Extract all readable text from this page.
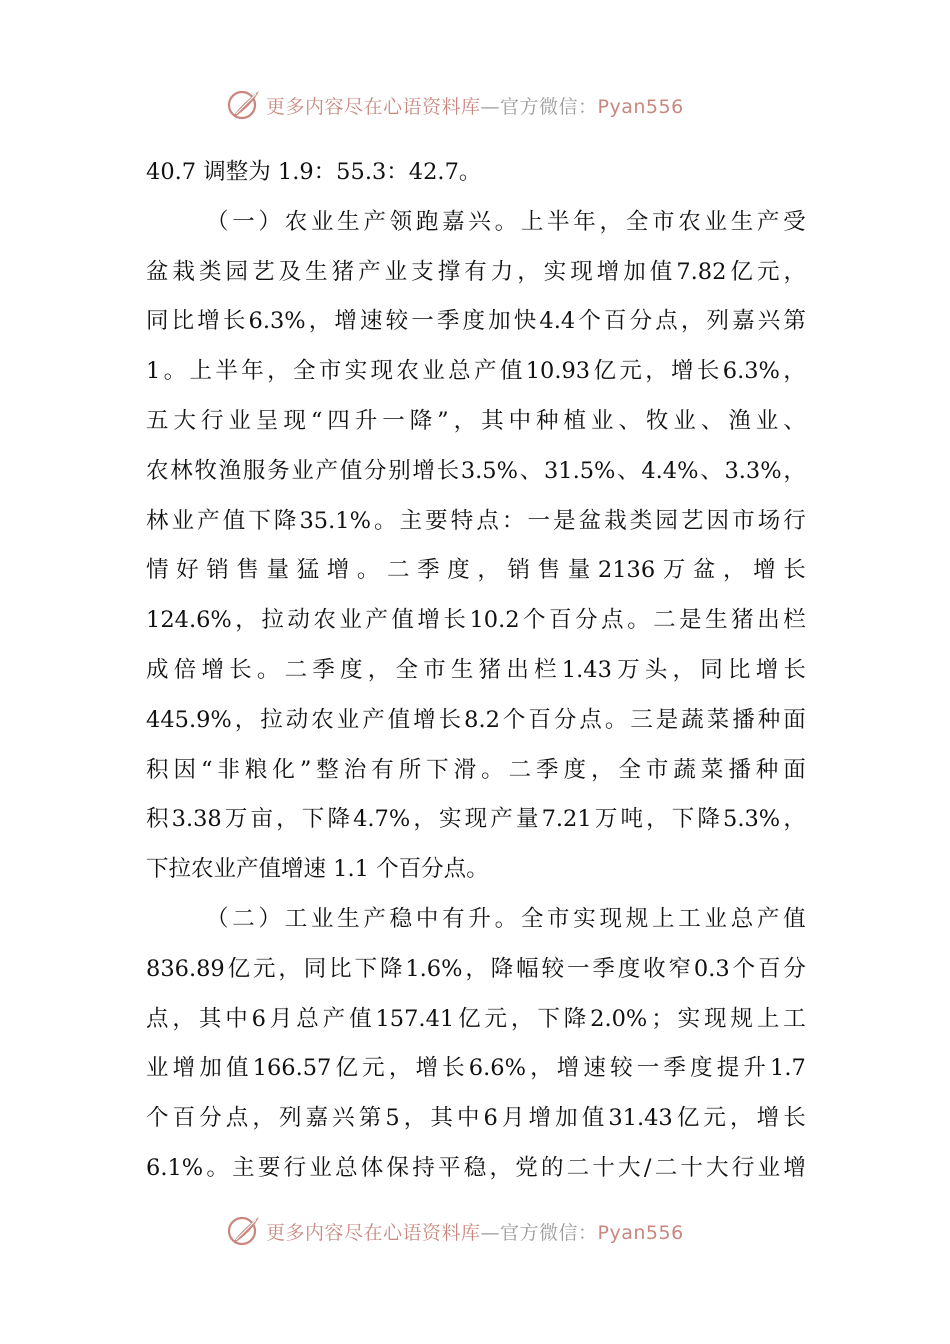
更多内容尽在心语资料库—官方微信：Pyan556
40.7 调整为 1.9：55.3：42.7。
（ 一 ） 农 业 生 产 领 跑 嘉 兴 。 上 半 年 ， 全 市 农 业 生 产 受
盆 栽 类 园 艺 及 生 猪 产 业 支 撑 有 力 ， 实 现 增 加 值 7.82 亿 元 ，
同 比 增 长 6.3% ， 增 速 较 一 季 度 加 快 4.4 个 百 分 点 ， 列 嘉 兴 第
1 。 上 半 年 ， 全 市 实 现 农 业 总 产 值 10.93 亿 元 ， 增 长 6.3% ，
五 大 行 业 呈 现 “ 四 升 一 降 ” ， 其 中 种 植 业 、 牧 业 、 渔 业 、
农 林 牧 渔 服 务 业 产 值 分 别 增 长 3.5% 、 31.5% 、 4.4% 、 3.3% ，
林 业 产 值 下 降 35.1% 。 主 要 特 点 ： 一 是 盆 栽 类 园 艺 因 市 场 行
情 好 销 售 量 猛 增 。 二 季 度 ， 销 售 量 2136 万 盆 ， 增 长
124.6% ， 拉 动 农 业 产 值 增 长 10.2 个 百 分 点 。 二 是 生 猪 出 栏
成 倍 增 长 。 二 季 度 ， 全 市 生 猪 出 栏 1.43 万 头 ， 同 比 增 长
445.9% ， 拉 动 农 业 产 值 增 长 8.2 个 百 分 点 。 三 是 蔬 菜 播 种 面
积 因 “ 非 粮 化 ” 整 治 有 所 下 滑 。 二 季 度 ， 全 市 蔬 菜 播 种 面
积 3.38 万 亩 ， 下 降 4.7% ， 实 现 产 量 7.21 万 吨 ， 下 降 5.3% ，
下拉农业产值增速 1.1 个百分点。
（ 二 ） 工 业 生 产 稳 中 有 升 。 全 市 实 现 规 上 工 业 总 产 值
836.89 亿 元 ， 同 比 下 降 1.6% ， 降 幅 较 一 季 度 收 窄 0.3 个 百 分
点 ， 其 中 6 月 总 产 值 157.41 亿 元 ， 下 降 2.0% ； 实 现 规 上 工
业 增 加 值 166.57 亿 元 ， 增 长 6.6% ， 增 速 较 一 季 度 提 升 1.7
个 百 分 点 ， 列 嘉 兴 第 5 ， 其 中 6 月 增 加 值 31.43 亿 元 ， 增 长
6.1% 。 主 要 行 业 总 体 保 持 平 稳 ， 党 的 二 十 大 / 二 十 大 行 业 增
更多内容尽在心语资料库—官方微信：Pyan556
